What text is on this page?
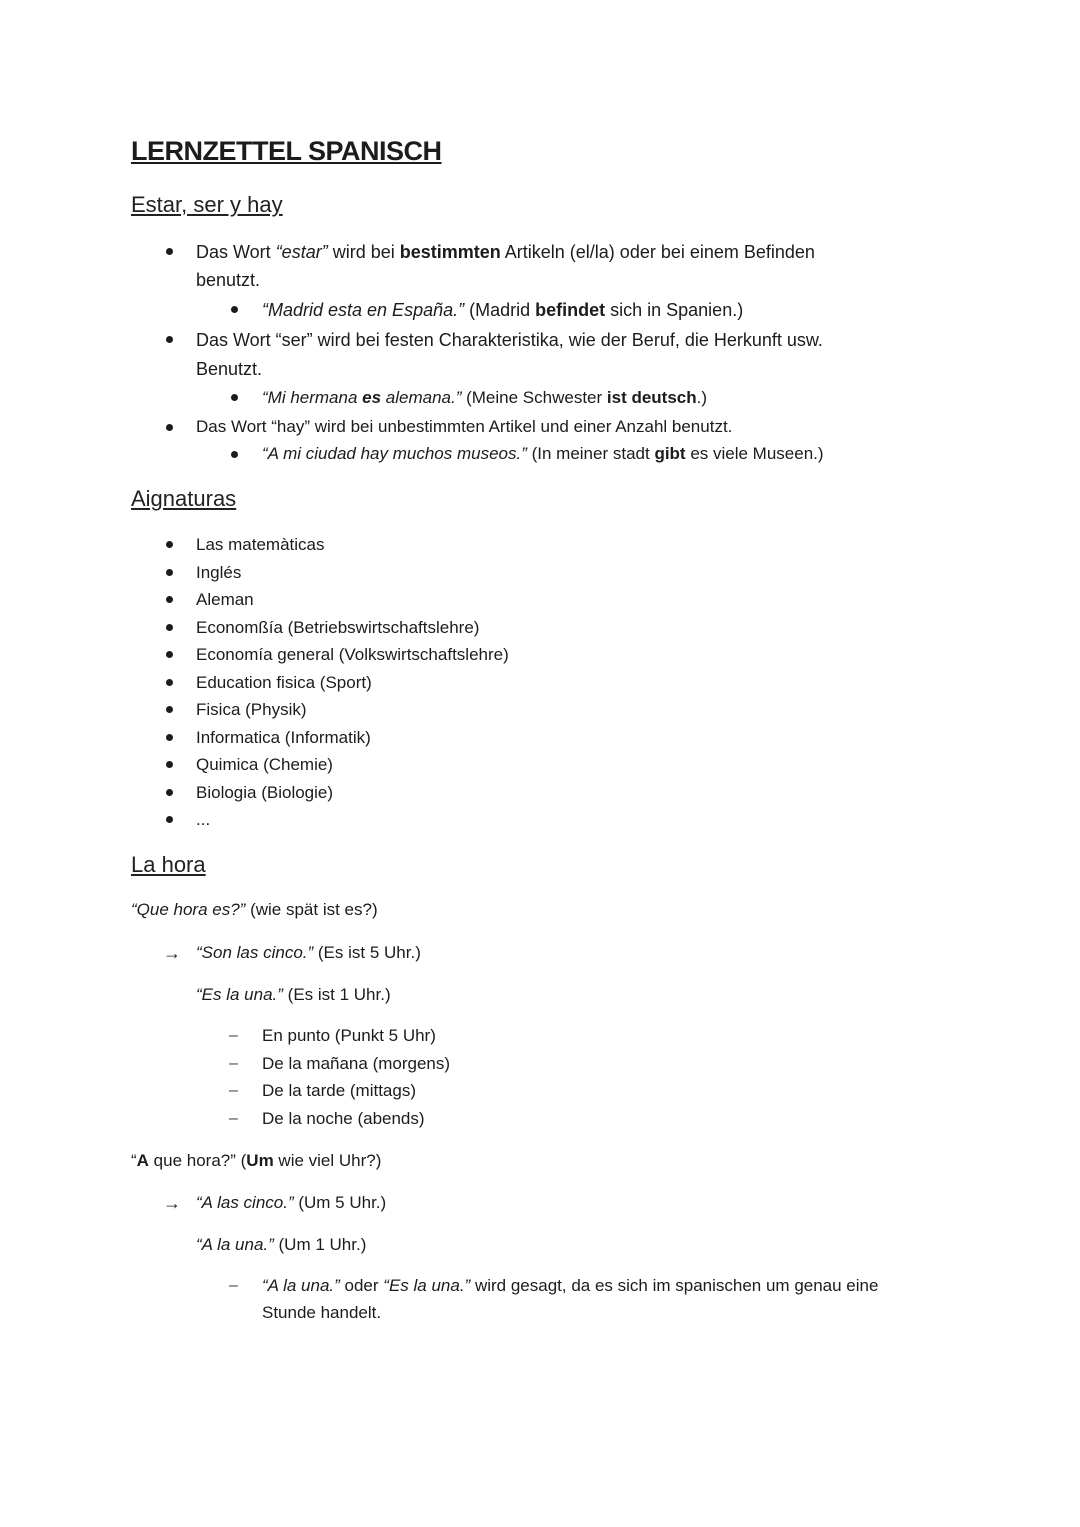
LERNZETTEL SPANISCH
Estar, ser y hay
Das Wort “estar” wird bei bestimmten Artikeln (el/la) oder bei einem Befinden
benutzt.
“Madrid esta en España.” (Madrid befindet sich in Spanien.)
Das Wort “ser” wird bei festen Charakteristika, wie der Beruf, die Herkunft usw.
Benutzt.
“Mi hermana es alemana.” (Meine Schwester ist deutsch.)
Das Wort “hay” wird bei unbestimmten Artikel und einer Anzahl benutzt.
“A mi ciudad hay muchos museos.” (In meiner stadt gibt es viele Museen.)
Aignaturas
Las matemàticas
Inglés
Aleman
Economßía (Betriebswirtschaftslehre)
Economía general (Volkswirtschaftslehre)
Education fisica (Sport)
Fisica (Physik)
Informatica (Informatik)
Quimica (Chemie)
Biologia (Biologie)
...
La hora
“Que hora es?” (wie spät ist es?)
→ “Son las cinco.” (Es ist 5 Uhr.)
“Es la una.” (Es ist 1 Uhr.)
– En punto (Punkt 5 Uhr)
– De la mañana (morgens)
– De la tarde (mittags)
– De la noche (abends)
“A que hora?” (Um wie viel Uhr?)
→ “A las cinco.” (Um 5 Uhr.)
“A la una.” (Um 1 Uhr.)
– “A la una.” oder “Es la una.” wird gesagt, da es sich im spanischen um genau eine
Stunde handelt.
